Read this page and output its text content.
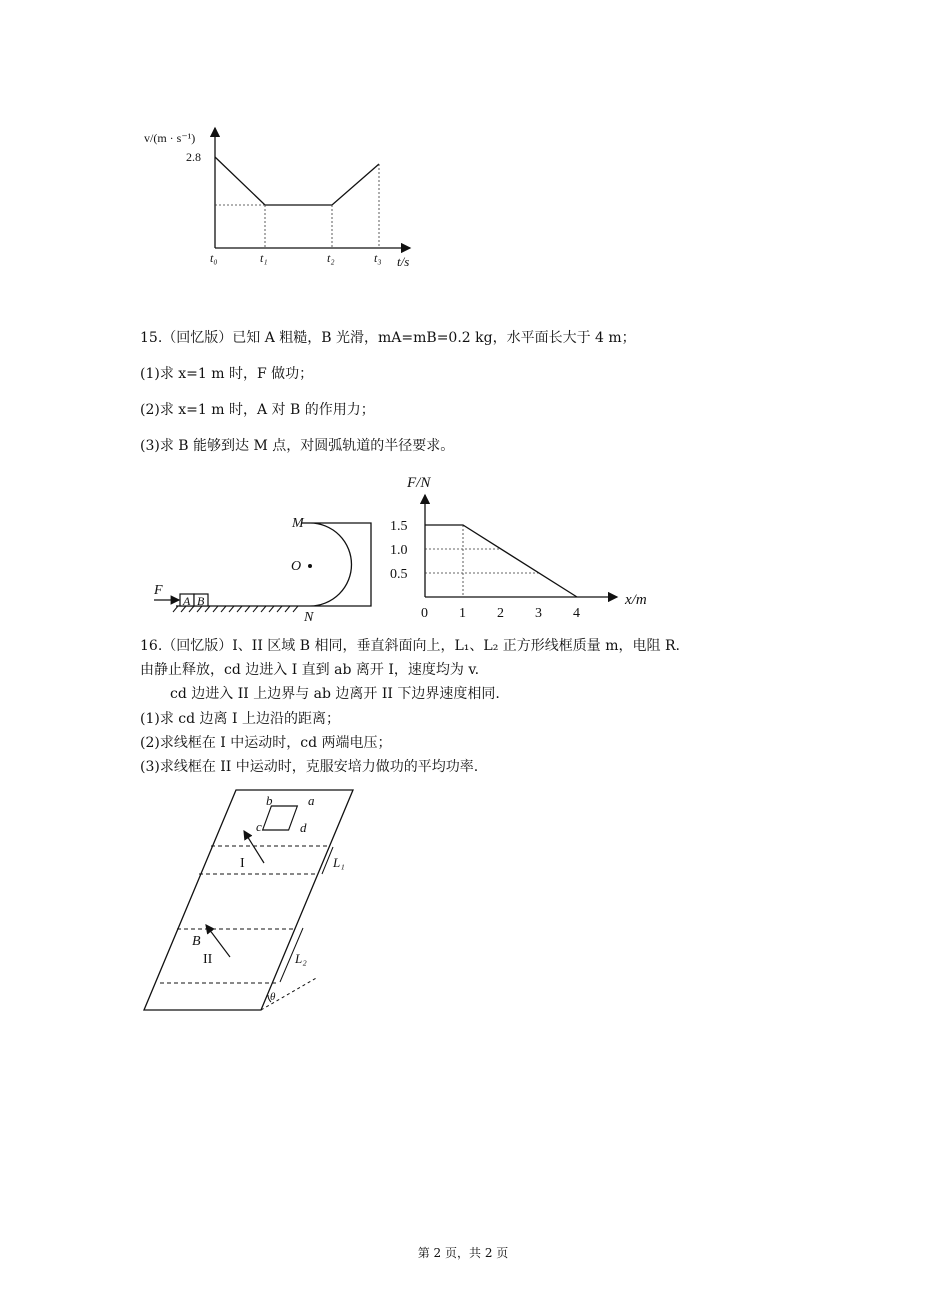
v/(m · s⁻¹)
2.8
t₀	t₁	t₂	t₃ t/s
15.（回忆版）已知 A 粗糙，B 光滑，mA=mB=0.2 kg，水平面长大于 4 m；
(1)求 x=1 m 时，F 做功；
(2)求 x=1 m 时，A 对 B 的作用力；
(3)求 B 能够到达 M 点，对圆弧轨道的半径要求。
F
A B
M
O
N
F/N
x/m
1.5
1.0
0.5
0 1 2 3 4
16.（回忆版）I、II 区域 B 相同，垂直斜面向上，L₁、L₂ 正方形线框质量 m，电阻 R.
由静止释放，cd 边进入 I 直到 ab 离开 I，速度均为 v.
cd 边进入 II 上边界与 ab 边离开 II 下边界速度相同.
(1)求 cd 边离 I 上边沿的距离；
(2)求线框在 I 中运动时，cd 两端电压；
(3)求线框在 II 中运动时，克服安培力做功的平均功率.
b	a
c	d
I
II
B
L₁
L₂
θ
第 2 页，共 2 页
